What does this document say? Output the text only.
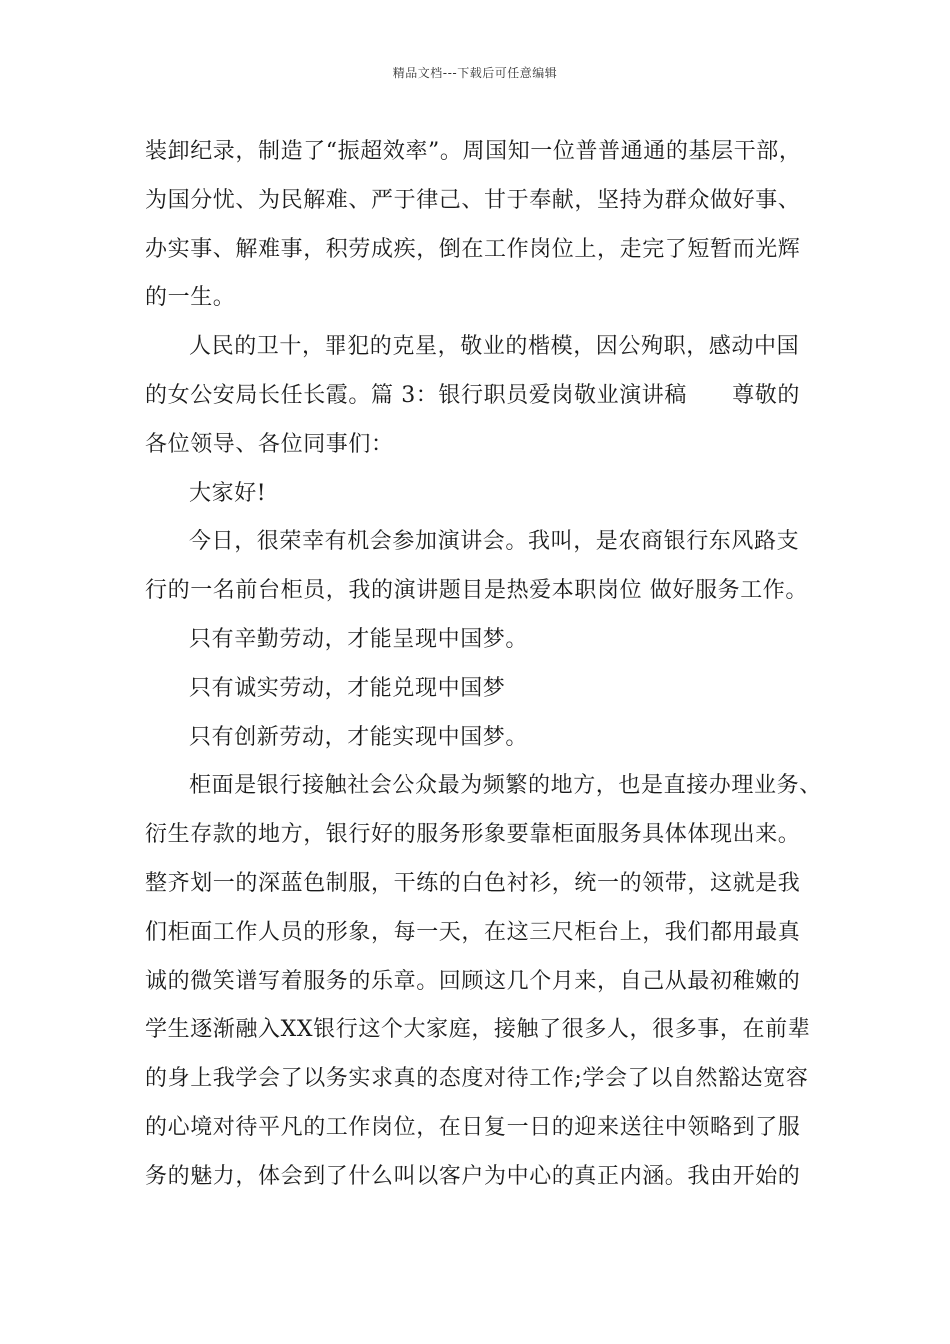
精品文档---下载后可任意编辑
装卸纪录，制造了“振超效率”。周国知一位普普通通的基层干部，
为国分忧、为民解难、严于律己、甘于奉献，坚持为群众做好事、
办实事、解难事，积劳成疾，倒在工作岗位上，走完了短暂而光辉
的一生。
人民的卫十，罪犯的克星，敬业的楷模，因公殉职，感动中国
的女公安局长任长霞。篇 3：银行职员爱岗敬业演讲稿　　尊敬的
各位领导、各位同事们：
大家好!
今日，很荣幸有机会参加演讲会。我叫，是农商银行东风路支
行的一名前台柜员，我的演讲题目是热爱本职岗位 做好服务工作。
只有辛勤劳动，才能呈现中国梦。
只有诚实劳动，才能兑现中国梦
只有创新劳动，才能实现中国梦。
柜面是银行接触社会公众最为频繁的地方，也是直接办理业务、
衍生存款的地方，银行好的服务形象要靠柜面服务具体体现出来。
整齐划一的深蓝色制服，干练的白色衬衫，统一的领带，这就是我
们柜面工作人员的形象，每一天，在这三尺柜台上，我们都用最真
诚的微笑谱写着服务的乐章。回顾这几个月来，自己从最初稚嫩的
学生逐渐融入XX银行这个大家庭，接触了很多人，很多事，在前辈
的身上我学会了以务实求真的态度对待工作;学会了以自然豁达宽容
的心境对待平凡的工作岗位，在日复一日的迎来送往中领略到了服
务的魅力，体会到了什么叫以客户为中心的真正内涵。我由开始的
